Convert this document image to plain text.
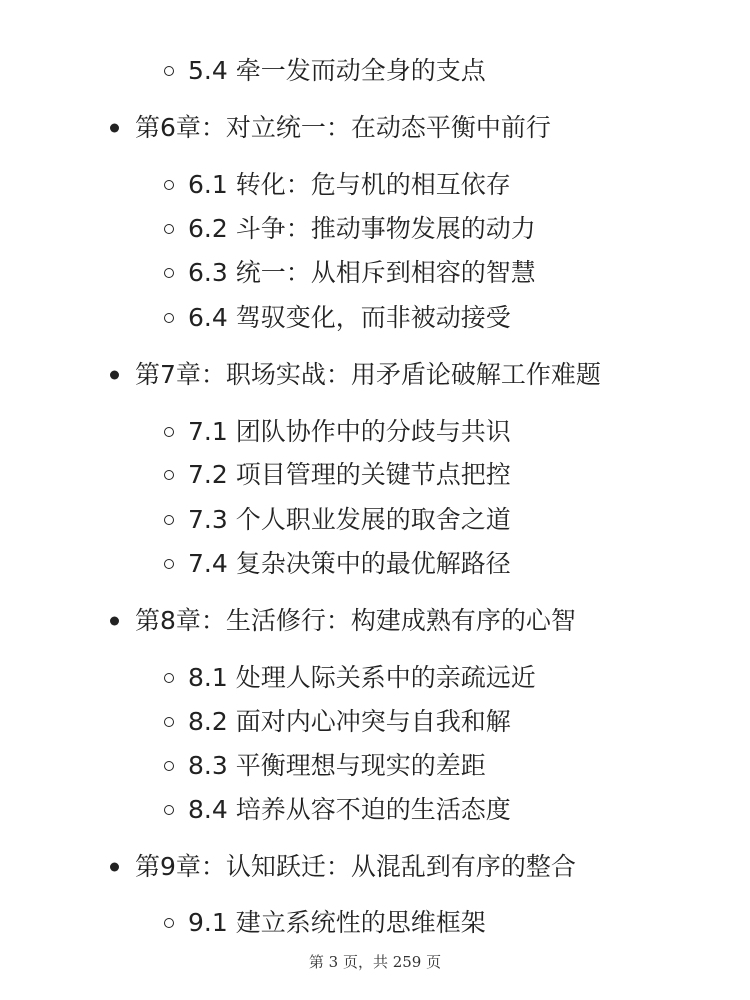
5.4 牵一发而动全身的支点
第6章：对立统一：在动态平衡中前行
6.1 转化：危与机的相互依存
6.2 斗争：推动事物发展的动力
6.3 统一：从相斥到相容的智慧
6.4 驾驭变化，而非被动接受
第7章：职场实战：用矛盾论破解工作难题
7.1 团队协作中的分歧与共识
7.2 项目管理的关键节点把控
7.3 个人职业发展的取舍之道
7.4 复杂决策中的最优解路径
第8章：生活修行：构建成熟有序的心智
8.1 处理人际关系中的亲疏远近
8.2 面对内心冲突与自我和解
8.3 平衡理想与现实的差距
8.4 培养从容不迫的生活态度
第9章：认知跃迁：从混乱到有序的整合
9.1 建立系统性的思维框架
第 3 页，共 259 页
